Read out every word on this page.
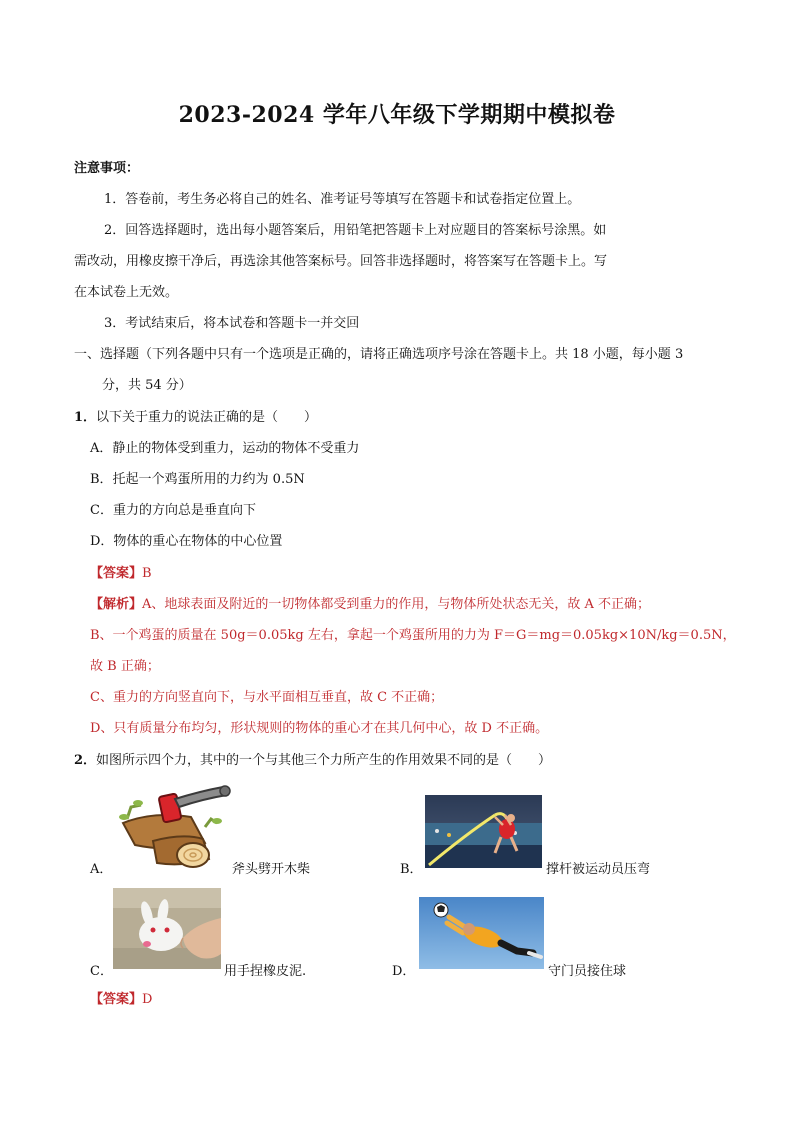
2023-2024 学年八年级下学期期中模拟卷
注意事项：
1．答卷前，考生务必将自己的姓名、准考证号等填写在答题卡和试卷指定位置上。
2．回答选择题时，选出每小题答案后，用铅笔把答题卡上对应题目的答案标号涂黑。如
需改动，用橡皮擦干净后，再选涂其他答案标号。回答非选择题时，将答案写在答题卡上。写
在本试卷上无效。
3．考试结束后，将本试卷和答题卡一并交回
一、选择题（下列各题中只有一个选项是正确的，请将正确选项序号涂在答题卡上。共 18 小题，每小题 3
分，共 54 分）
1．以下关于重力的说法正确的是（　　）
A．静止的物体受到重力，运动的物体不受重力
B．托起一个鸡蛋所用的力约为 0.5N
C．重力的方向总是垂直向下
D．物体的重心在物体的中心位置
【答案】B
【解析】A、地球表面及附近的一切物体都受到重力的作用，与物体所处状态无关，故 A 不正确；
B、一个鸡蛋的质量在 50g＝0.05kg 左右，拿起一个鸡蛋所用的力为 F＝G＝mg＝0.05kg×10N/kg＝0.5N，
故 B 正确；
C、重力的方向竖直向下，与水平面相互垂直，故 C 不正确；
D、只有质量分布均匀，形状规则的物体的重心才在其几何中心，故 D 不正确。
2．如图所示四个力，其中的一个与其他三个力所产生的作用效果不同的是（　　）
A．	斧头劈开木柴	B．	撑杆被运动员压弯
C．	用手捏橡皮泥.	D．	守门员接住球
【答案】D
